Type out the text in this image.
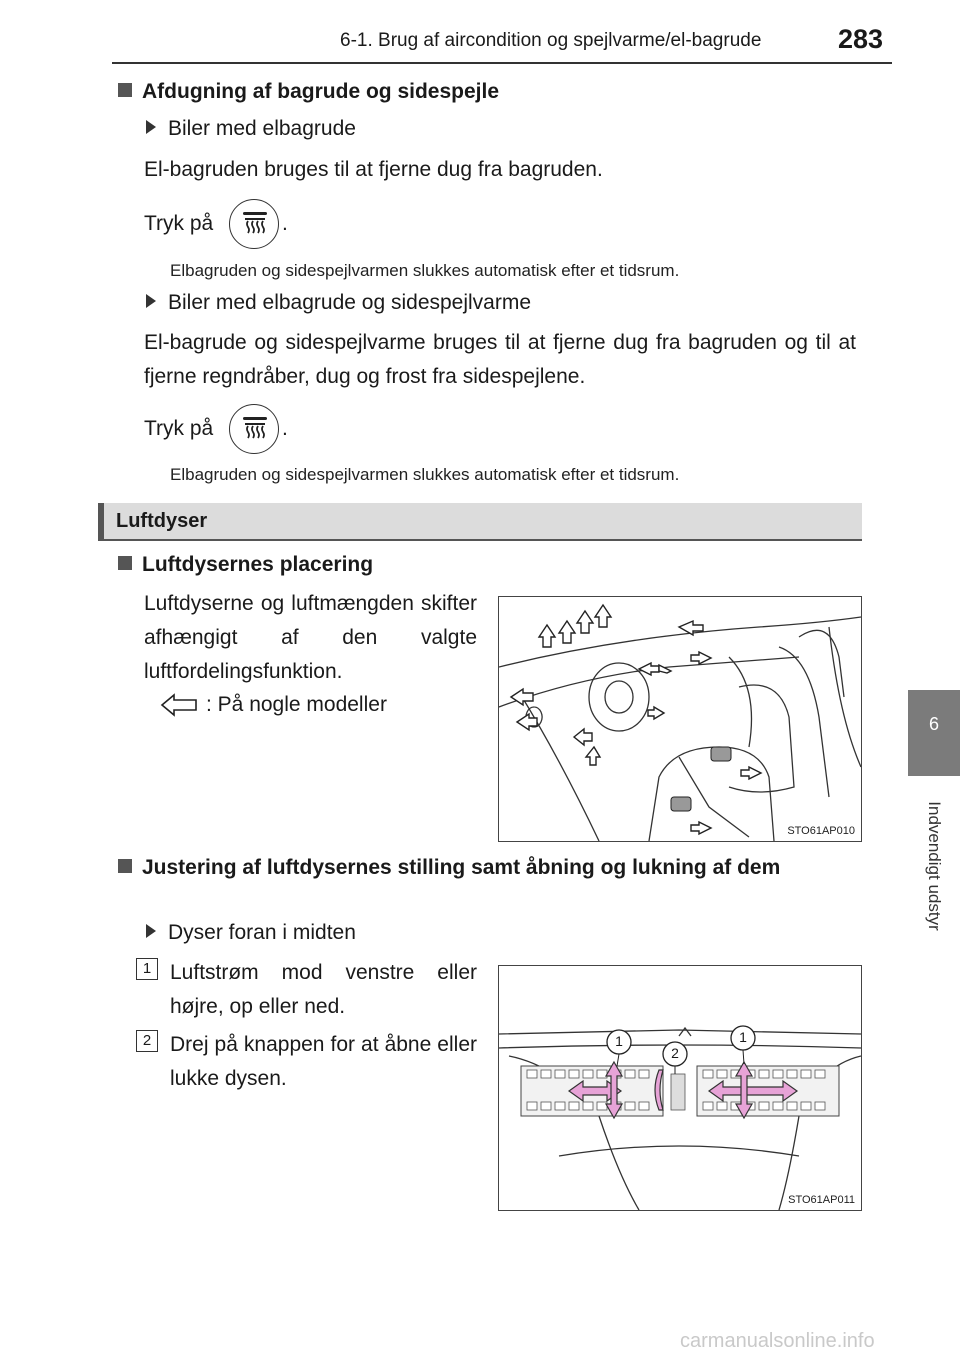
6-1. Brug af aircondition og spejlvarme/el-bagrude	283
6
Indvendigt udstyr
Afdugning af bagrude og sidespejle
Biler med elbagrude
El-bagruden bruges til at fjerne dug fra bagruden.
Tryk på	.
Elbagruden og sidespejlvarmen slukkes automatisk efter et tidsrum.
Biler med elbagrude og sidespejlvarme
El-bagrude og sidespejlvarme bruges til at fjerne dug fra bagruden og til at fjerne regndråber, dug og frost fra sidespejlene.
Tryk på	.
Elbagruden og sidespejlvarmen slukkes automatisk efter et tidsrum.
Luftdyser
Luftdysernes placering
Luftdyserne og luftmængden skifter afhængigt af den valgte luftfordelingsfunktion.
: På nogle modeller
STO61AP010
Justering af luftdysernes stilling samt åbning og lukning af dem
Dyser foran i midten
1 Luftstrøm mod venstre eller højre, op eller ned.
2 Drej på knappen for at åbne eller lukke dysen.
1
2
1
STO61AP011
carmanualsonline.info
